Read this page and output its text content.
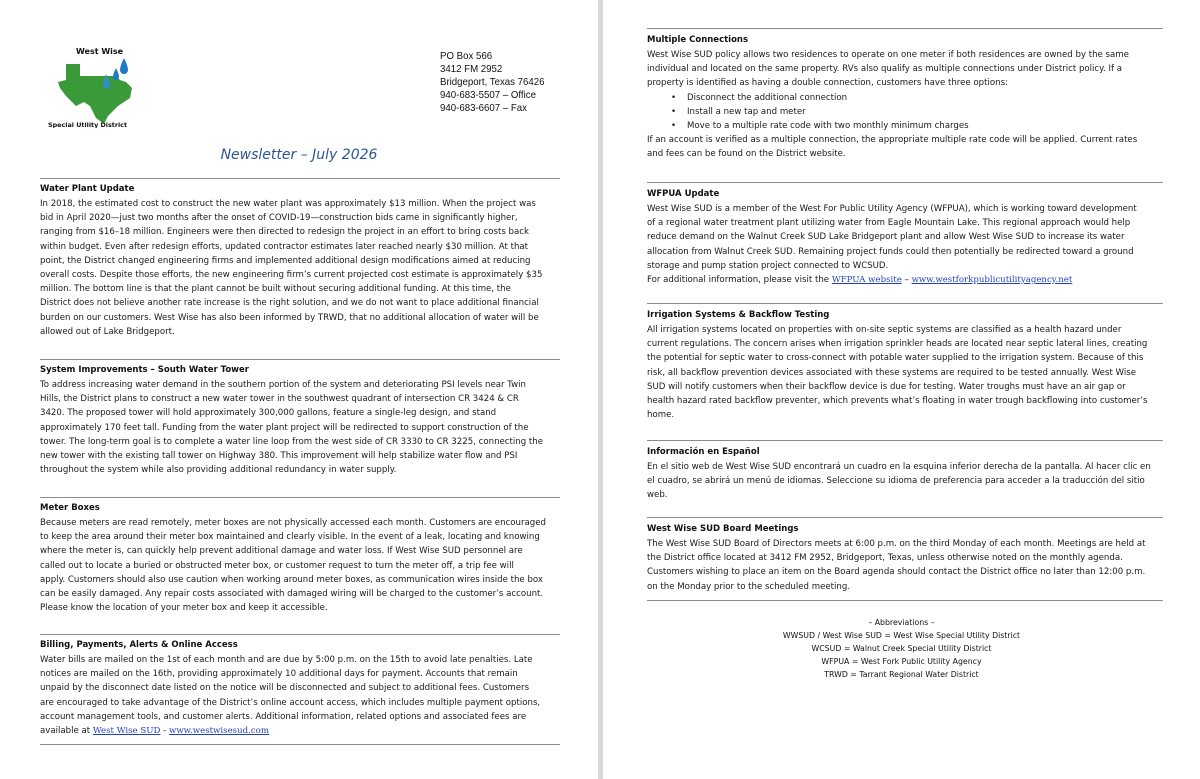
West Wise
Special Utility District
PO Box 566
3412 FM 2952
Bridgeport, Texas 76426
940-683-5507 – Office
940-683-6607 – Fax
Newsletter – July 2026
Water Plant Update

In 2018, the estimated cost to construct the new water plant was approximately $13 million. When the project was

bid in April 2020—just two months after the onset of COVID-19—construction bids came in significantly higher,

ranging from $16–18 million. Engineers were then directed to redesign the project in an effort to bring costs back

within budget. Even after redesign efforts, updated contractor estimates later reached nearly $30 million. At that

point, the District changed engineering firms and implemented additional design modifications aimed at reducing

overall costs. Despite those efforts, the new engineering firm’s current projected cost estimate is approximately $35

million. The bottom line is that the plant cannot be built without securing additional funding. At this time, the

District does not believe another rate increase is the right solution, and we do not want to place additional financial

burden on our customers. West Wise has also been informed by TRWD, that no additional allocation of water will be

allowed out of Lake Bridgeport.

System Improvements – South Water Tower

To address increasing water demand in the southern portion of the system and deteriorating PSI levels near Twin

Hills, the District plans to construct a new water tower in the southwest quadrant of intersection CR 3424 & CR

3420. The proposed tower will hold approximately 300,000 gallons, feature a single-leg design, and stand

approximately 170 feet tall. Funding from the water plant project will be redirected to support construction of the

tower. The long-term goal is to complete a water line loop from the west side of CR 3330 to CR 3225, connecting the

new tower with the existing tall tower on Highway 380. This improvement will help stabilize water flow and PSI

throughout the system while also providing additional redundancy in water supply.

Meter Boxes

Because meters are read remotely, meter boxes are not physically accessed each month. Customers are encouraged

to keep the area around their meter box maintained and clearly visible. In the event of a leak, locating and knowing

where the meter is, can quickly help prevent additional damage and water loss. If West Wise SUD personnel are

called out to locate a buried or obstructed meter box, or customer request to turn the meter off, a trip fee will

apply. Customers should also use caution when working around meter boxes, as communication wires inside the box

can be easily damaged. Any repair costs associated with damaged wiring will be charged to the customer’s account.

Please know the location of your meter box and keep it accessible.

Billing, Payments, Alerts & Online Access

Water bills are mailed on the 1st of each month and are due by 5:00 p.m. on the 15th to avoid late penalties. Late

notices are mailed on the 16th, providing approximately 10 additional days for payment. Accounts that remain

unpaid by the disconnect date listed on the notice will be disconnected and subject to additional fees. Customers

are encouraged to take advantage of the District’s online account access, which includes multiple payment options,

account management tools, and customer alerts. Additional information, related options and associated fees are

available at West Wise SUD - www.westwisesud.com

Multiple Connections

West Wise SUD policy allows two residences to operate on one meter if both residences are owned by the same

individual and located on the same property. RVs also qualify as multiple connections under District policy. If a

property is identified as having a double connection, customers have three options:

• Disconnect the additional connection
• Install a new tap and meter
• Move to a multiple rate code with two monthly minimum charges

If an account is verified as a multiple connection, the appropriate multiple rate code will be applied. Current rates

and fees can be found on the District website.

WFPUA Update

West Wise SUD is a member of the West For Public Utility Agency (WFPUA), which is working toward development

of a regional water treatment plant utilizing water from Eagle Mountain Lake. This regional approach would help

reduce demand on the Walnut Creek SUD Lake Bridgeport plant and allow West Wise SUD to increase its water

allocation from Walnut Creek SUD. Remaining project funds could then potentially be redirected toward a ground

storage and pump station project connected to WCSUD.

For additional information, please visit the WFPUA website – www.westforkpublicutilityagency.net

Irrigation Systems & Backflow Testing

All irrigation systems located on properties with on-site septic systems are classified as a health hazard under

current regulations. The concern arises when irrigation sprinkler heads are located near septic lateral lines, creating

the potential for septic water to cross-connect with potable water supplied to the irrigation system. Because of this

risk, all backflow prevention devices associated with these systems are required to be tested annually. West Wise

SUD will notify customers when their backflow device is due for testing. Water troughs must have an air gap or

health hazard rated backflow preventer, which prevents what’s floating in water trough backflowing into customer’s

home.

Información en Español

En el sitio web de West Wise SUD encontrará un cuadro en la esquina inferior derecha de la pantalla. Al hacer clic en

el cuadro, se abrirá un menú de idiomas. Seleccione su idioma de preferencia para acceder a la traducción del sitio

web.

West Wise SUD Board Meetings

The West Wise SUD Board of Directors meets at 6:00 p.m. on the third Monday of each month. Meetings are held at

the District office located at 3412 FM 2952, Bridgeport, Texas, unless otherwise noted on the monthly agenda.

Customers wishing to place an item on the Board agenda should contact the District office no later than 12:00 p.m.

on the Monday prior to the scheduled meeting.

– Abbreviations –
WWSUD / West Wise SUD = West Wise Special Utility District
WCSUD = Walnut Creek Special Utility District
WFPUA = West Fork Public Utility Agency
TRWD = Tarrant Regional Water District
